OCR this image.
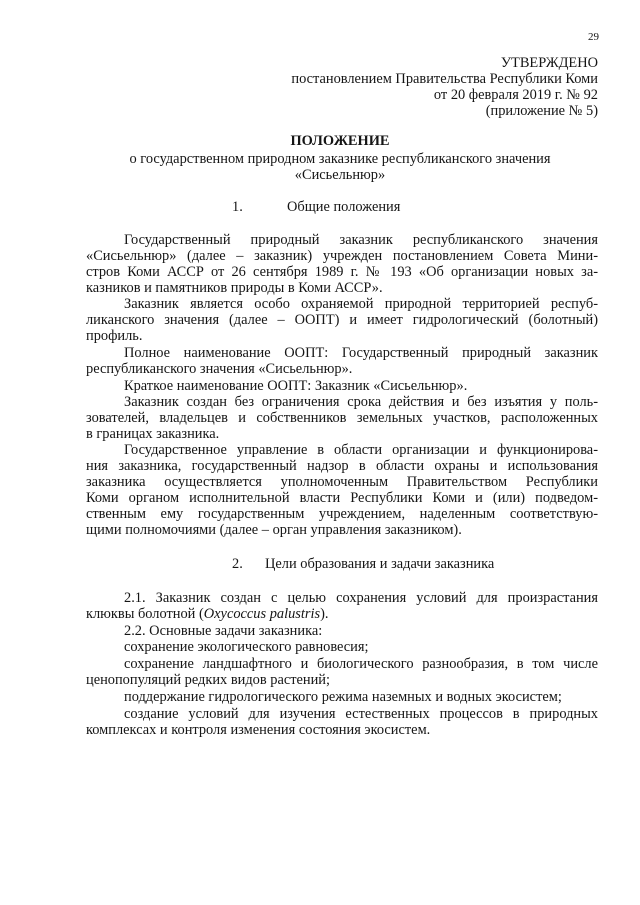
29
УТВЕРЖДЕНО
постановлением Правительства Республики Коми
от 20 февраля 2019 г. № 92
(приложение № 5)
ПОЛОЖЕНИЕ
о государственном природном заказнике республиканского значения
«Сисьельнюр»
1.	Общие положения
Государственный природный заказник республиканского значения
«Сисьельнюр» (далее – заказник) учрежден постановлением Совета Мини-
стров Коми АССР от 26 сентября 1989 г. № 193 «Об организации новых за-
казников и памятников природы в Коми АССР».
Заказник является особо охраняемой природной территорией респуб-
ликанского значения (далее – ООПТ) и имеет гидрологический (болотный)
профиль.
Полное наименование ООПТ: Государственный природный заказник
республиканского значения «Сисьельнюр».
Краткое наименование ООПТ: Заказник «Сисьельнюр».
Заказник создан без ограничения срока действия и без изъятия у поль-
зователей, владельцев и собственников земельных участков, расположенных
в границах заказника.
Государственное управление в области организации и функционирова-
ния заказника, государственный надзор в области охраны и использования
заказника осуществляется уполномоченным Правительством Республики
Коми органом исполнительной власти Республики Коми и (или) подведом-
ственным ему государственным учреждением, наделенным соответствую-
щими полномочиями (далее – орган управления заказником).
2. Цели образования и задачи заказника
2.1. Заказник создан с целью сохранения условий для произрастания
клюквы болотной (Oxycoccus palustris).
2.2. Основные задачи заказника:
сохранение экологического равновесия;
сохранение ландшафтного и биологического разнообразия, в том числе
ценопопуляций редких видов растений;
поддержание гидрологического режима наземных и водных экосистем;
создание условий для изучения естественных процессов в природных
комплексах и контроля изменения состояния экосистем.
